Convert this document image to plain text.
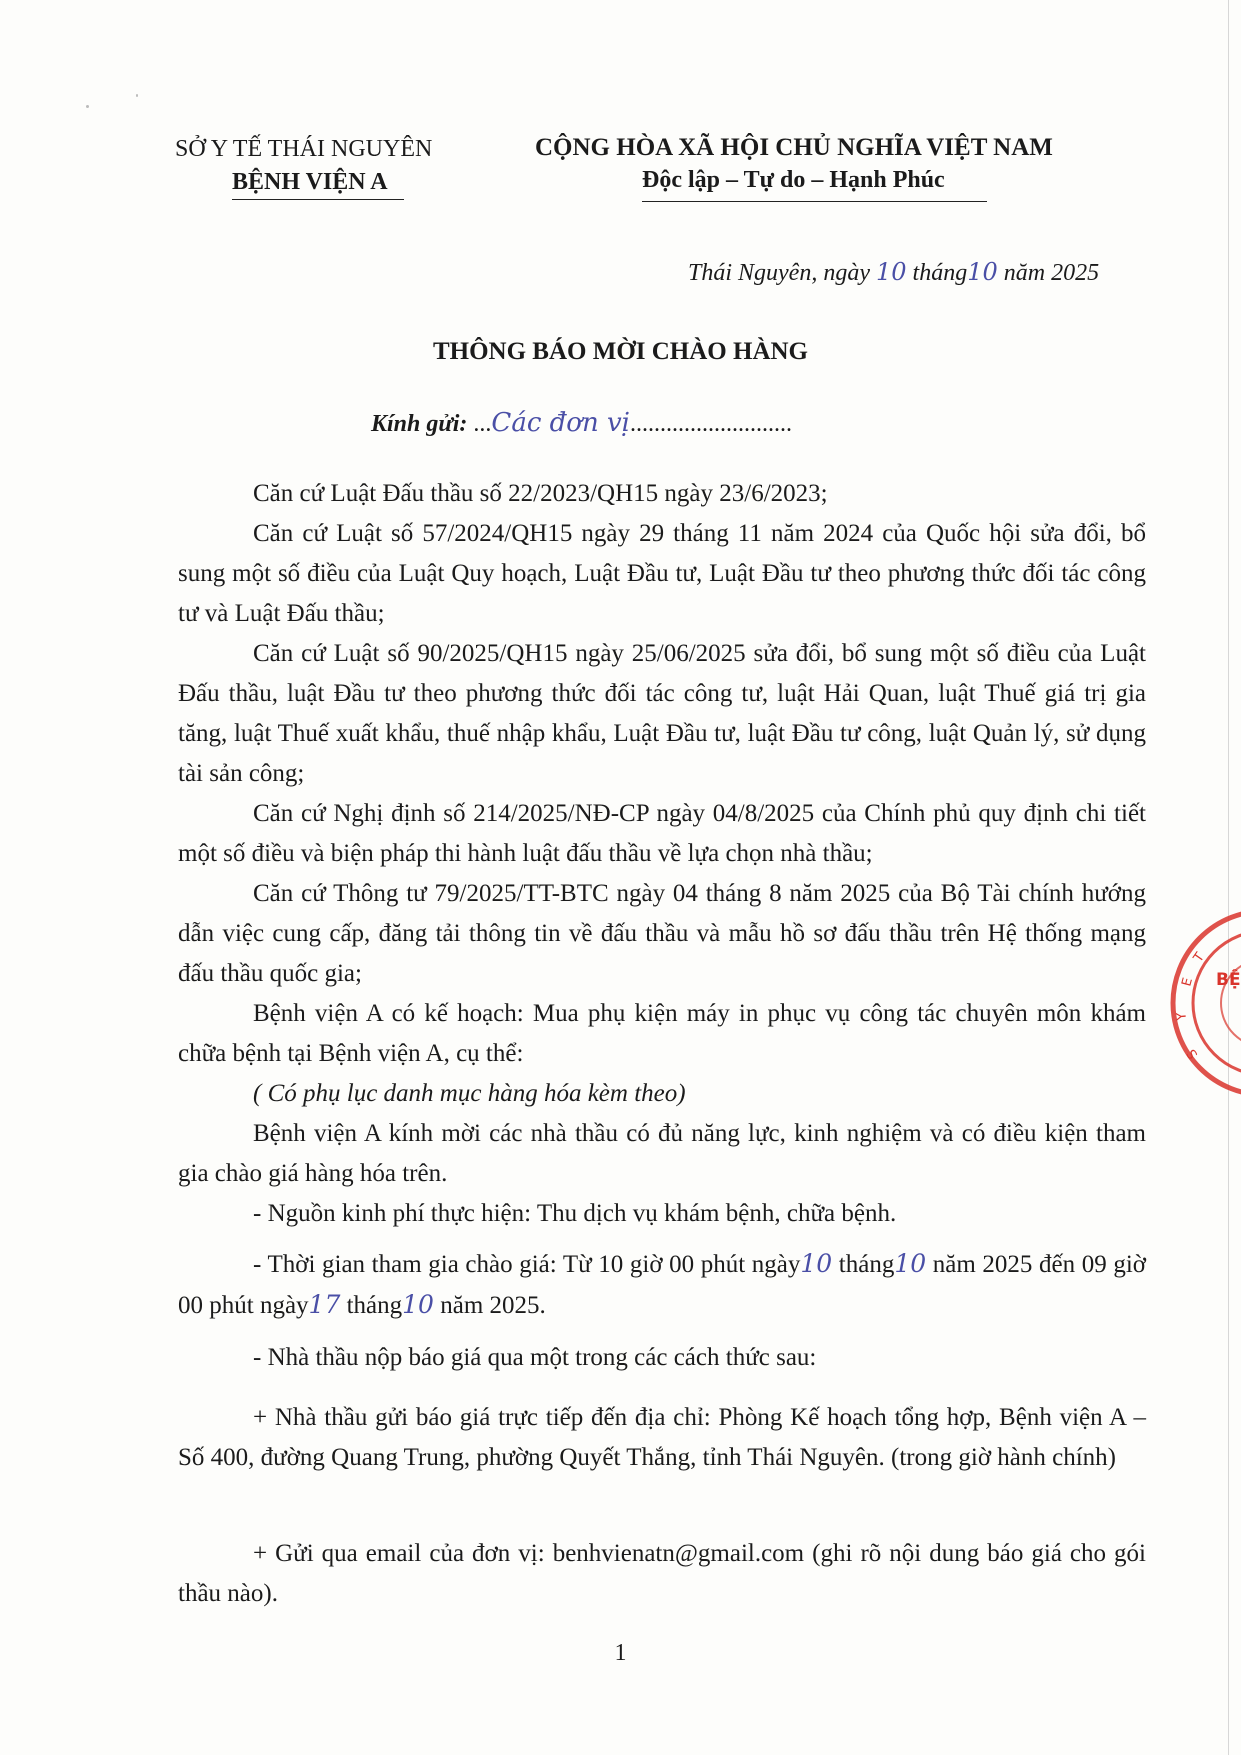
SỞ Y TẾ THÁI NGUYÊN
BỆNH VIỆN A
CỘNG HÒA XÃ HỘI CHỦ NGHĨA VIỆT NAM
Độc lập – Tự do – Hạnh Phúc
Thái Nguyên, ngày 10 tháng10 năm 2025
THÔNG BÁO MỜI CHÀO HÀNG
Kính gửi: ...Các đơn vị...........................
Căn cứ Luật Đấu thầu số 22/2023/QH15 ngày 23/6/2023;
Căn cứ Luật số 57/2024/QH15 ngày 29 tháng 11 năm 2024 của Quốc hội sửa đổi, bổ sung một số điều của Luật Quy hoạch, Luật Đầu tư, Luật Đầu tư theo phương thức đối tác công tư và Luật Đấu thầu;
Căn cứ Luật số 90/2025/QH15 ngày 25/06/2025 sửa đổi, bổ sung một số điều của Luật Đấu thầu, luật Đầu tư theo phương thức đối tác công tư, luật Hải Quan, luật Thuế giá trị gia tăng, luật Thuế xuất khẩu, thuế nhập khẩu, Luật Đầu tư, luật Đầu tư công, luật Quản lý, sử dụng tài sản công;
Căn cứ Nghị định số 214/2025/NĐ-CP ngày 04/8/2025 của Chính phủ quy định chi tiết một số điều và biện pháp thi hành luật đấu thầu về lựa chọn nhà thầu;
Căn cứ Thông tư 79/2025/TT-BTC ngày 04 tháng 8 năm 2025 của Bộ Tài chính hướng dẫn việc cung cấp, đăng tải thông tin về đấu thầu và mẫu hồ sơ đấu thầu trên Hệ thống mạng đấu thầu quốc gia;
Bệnh viện A có kế hoạch: Mua phụ kiện máy in phục vụ công tác chuyên môn khám chữa bệnh tại Bệnh viện A, cụ thể:
( Có phụ lục danh mục hàng hóa kèm theo)
Bệnh viện A kính mời các nhà thầu có đủ năng lực, kinh nghiệm và có điều kiện tham gia chào giá hàng hóa trên.
- Nguồn kinh phí thực hiện: Thu dịch vụ khám bệnh, chữa bệnh.
- Thời gian tham gia chào giá: Từ 10 giờ 00 phút ngày10 tháng10 năm 2025 đến 09 giờ 00 phút ngày17 tháng10 năm 2025.
- Nhà thầu nộp báo giá qua một trong các cách thức sau:
+ Nhà thầu gửi báo giá trực tiếp đến địa chỉ: Phòng Kế hoạch tổng hợp, Bệnh viện A – Số 400, đường Quang Trung, phường Quyết Thắng, tỉnh Thái Nguyên. (trong giờ hành chính)
+ Gửi qua email của đơn vị: benhvienatn@gmail.com (ghi rõ nội dung báo giá cho gói thầu nào).
1
T
E
Y
S
BỆ
